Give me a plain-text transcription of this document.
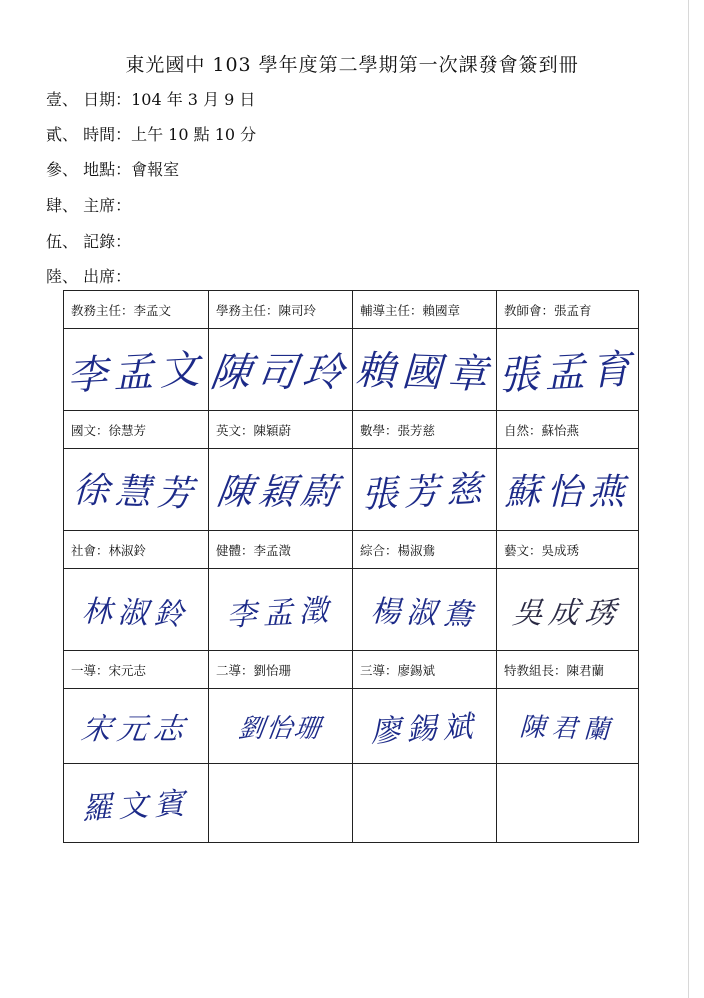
東光國中 103 學年度第二學期第一次課發會簽到冊
壹、 日期：104 年 3 月 9 日
貳、 時間：上午 10 點 10 分
參、 地點：會報室
肆、 主席：
伍、 記錄：
陸、 出席：
教務主任：李孟文	學務主任：陳司玲	輔導主任：賴國章	教師會：張孟育

李孟文	陳司玲	賴國章	張孟育

國文：徐慧芳	英文：陳穎蔚	數學：張芳慈	自然：蘇怡燕

徐慧芳	陳穎蔚	張芳慈	蘇怡燕

社會：林淑鈴	健體：李孟澂	綜合：楊淑鴦	藝文：吳成琇

林淑鈴	李孟澂	楊淑鴦	吳成琇

一導：宋元志	二導：劉怡珊	三導：廖錫斌	特教組長：陳君蘭

宋元志	劉怡珊	廖錫斌	陳君蘭

羅文賓			
